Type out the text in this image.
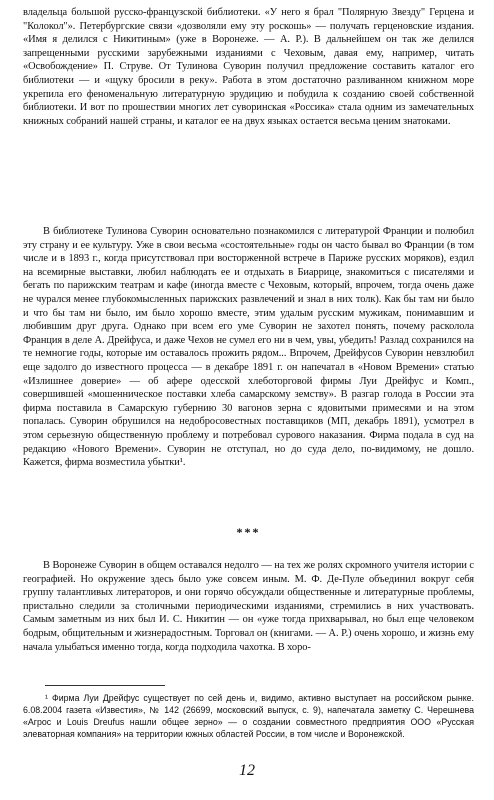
владельца большой русско-французской библиотеки. «У него я брал "Полярную Звезду" Герцена и "Колокол"». Петербургские связи «дозволяли ему эту роскошь» — получать герценовские издания. «Имя я делился с Никитиным» (уже в Воронеже. — А. Р.). В дальнейшем он так же делился запрещенными русскими зарубежными изданиями с Чеховым, давая ему, например, читать «Освобождение» П. Струве. От Тулинова Суворин получил предложение составить каталог его библиотеки — и «щуку бросили в реку». Работа в этом достаточно разливанном книжном море укрепила его феноменальную литературную эрудицию и побудила к созданию своей собственной библиотеки. И вот по прошествии многих лет суворинская «Россика» стала одним из замечательных книжных собраний нашей страны, и каталог ее на двух языках остается весьма ценим знатоками.

В библиотеке Тулинова Суворин основательно познакомился с литературой Франции и полюбил эту страну и ее культуру. Уже в свои весьма «состоятельные» годы он часто бывал во Франции (в том числе и в 1893 г., когда присутствовал при восторженной встрече в Париже русских моряков), ездил на всемирные выставки, любил наблюдать ее и отдыхать в Биаррице, знакомиться с писателями и бегать по парижским театрам и кафе (иногда вместе с Чеховым, который, впрочем, тогда очень даже не чурался менее глубокомысленных парижских развлечений и знал в них толк). Как бы там ни было и что бы там ни было, им было хорошо вместе, этим удалым русским мужикам, понимавшим и любившим друг друга. Однако при всем его уме Суворин не захотел понять, почему расколола Франция в деле А. Дрейфуса, и даже Чехов не сумел его ни в чем, увы, убедить! Разлад сохранился на те немногие годы, которые им оставалось прожить рядом... Впрочем, Дрейфусов Суворин невзлюбил еще задолго до известного процесса — в декабре 1891 г. он напечатал в «Новом Времени» статью «Излишнее доверие» — об афере одесской хлеботорговой фирмы Луи Дрейфус и Комп., совершившей «мошенническое поставки хлеба самарскому земству». В разгар голода в России эта фирма поставила в Самарскую губернию 30 вагонов зерна с ядовитыми примесями и на этом попалась. Суворин обрушился на недобросовестных поставщиков (МП, декабрь 1891), усмотрел в этом серьезную общественную проблему и потребовал сурового наказания. Фирма подала в суд на редакцию «Нового Времени». Суворин не отступал, но до суда дело, по-видимому, не дошло. Кажется, фирма возместила убытки¹.

***

В Воронеже Суворин в общем оставался недолго — на тех же ролях скромного учителя истории с географией. Но окружение здесь было уже совсем иным. М. Ф. Де-Пуле объединил вокруг себя группу талантливых литераторов, и они горячо обсуждали общественные и литературные проблемы, пристально следили за столичными периодическими изданиями, стремились в них участвовать. Самым заметным из них был И. С. Никитин — он «уже тогда прихварывал, но был еще человеком бодрым, общительным и жизнерадостным. Торговал он (книгами. — А. Р.) очень хорошо, и жизнь ему начала улыбаться именно тогда, когда подходила чахотка. В хоро-

¹ Фирма Луи Дрейфус существует по сей день и, видимо, активно выступает на российском рынке. 6.08.2004 газета «Известия», № 142 (26699, московский выпуск, с. 9), напечатала заметку С. Черешнева «Агрос и Louis Dreufus нашли общее зерно» — о создании совместного предприятия ООО «Русская элеваторная компания» на территории южных областей России, в том числе и Воронежской.

12
